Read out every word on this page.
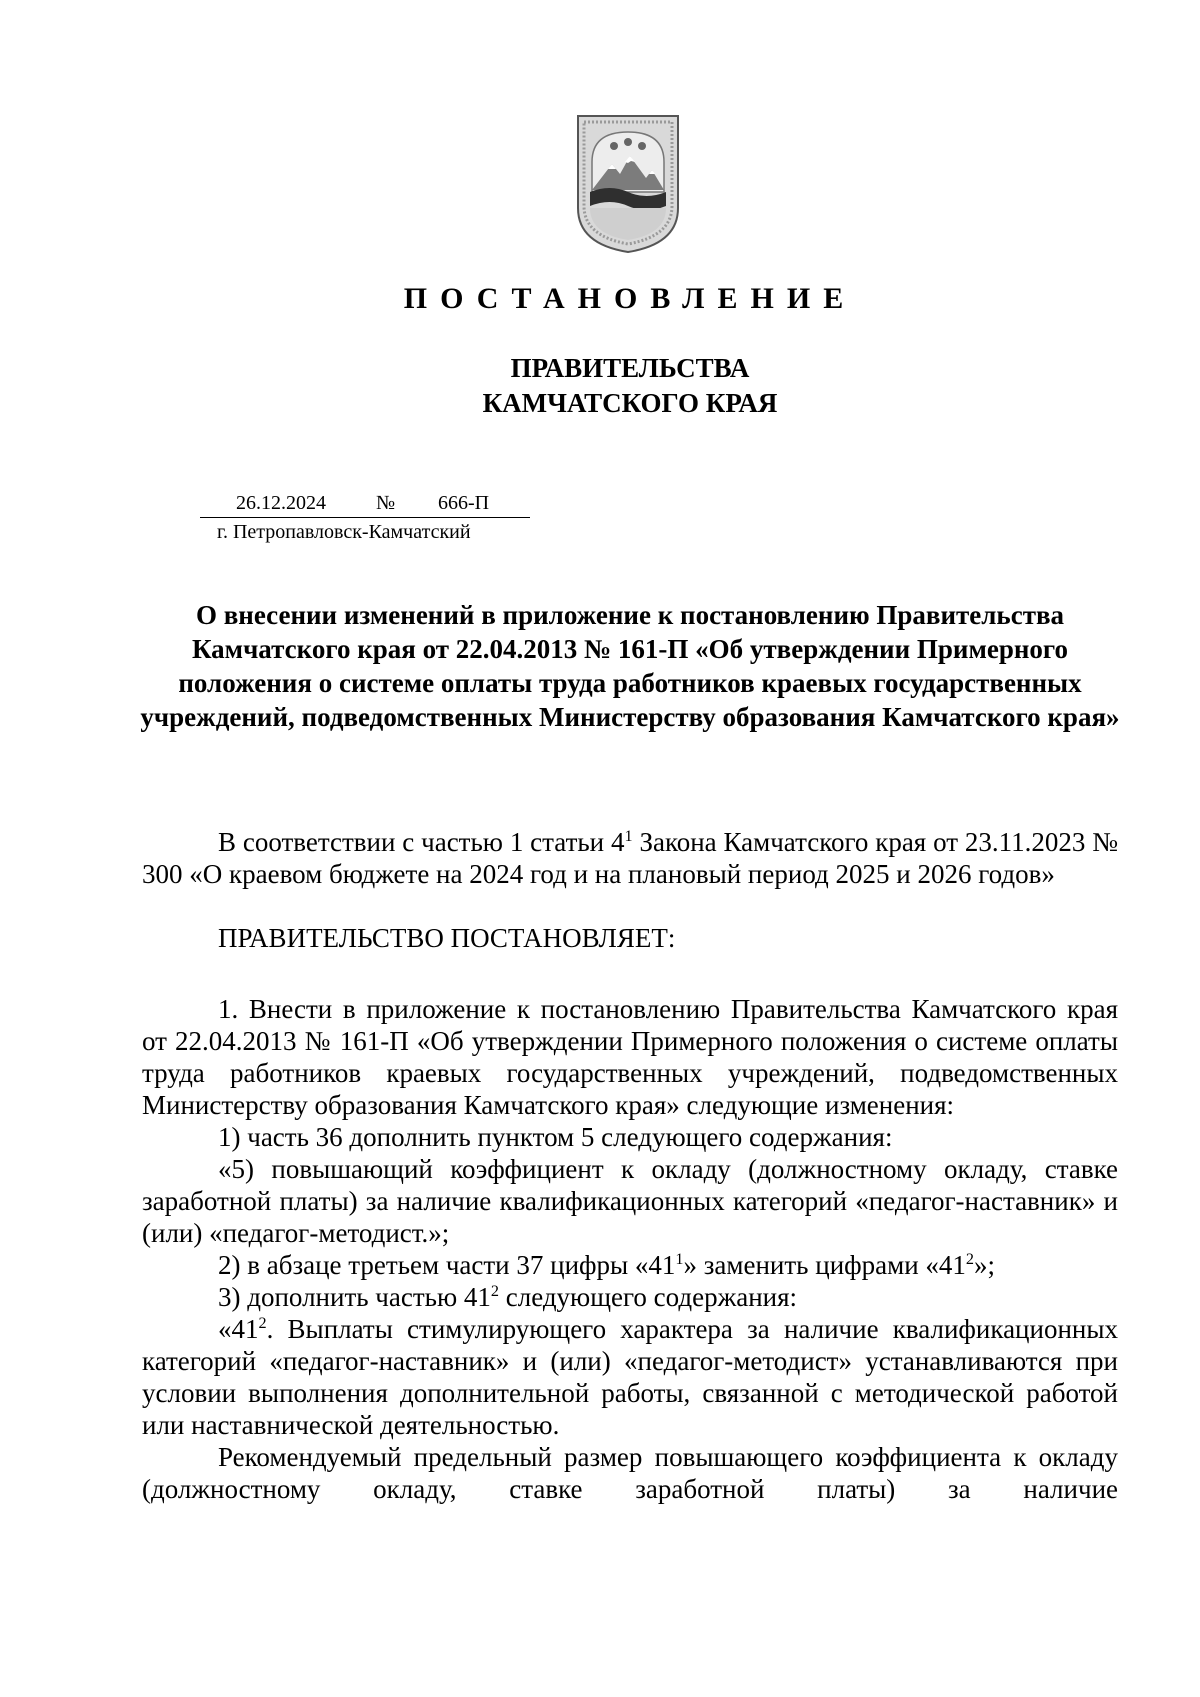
ПОСТАНОВЛЕНИЕ
ПРАВИТЕЛЬСТВА
КАМЧАТСКОГО КРАЯ
26.12.2024	№ 666-П
г. Петропавловск-Камчатский
О внесении изменений в приложение к постановлению Правительства Камчатского края от 22.04.2013 № 161-П «Об утверждении Примерного положения о системе оплаты труда работников краевых государственных учреждений, подведомственных Министерству образования Камчатского края»

В соответствии с частью 1 статьи $4^1$ Закона Камчатского края от 23.11.2023 № 300 «О краевом бюджете на 2024 год и на плановый период 2025 и 2026 годов»

ПРАВИТЕЛЬСТВО ПОСТАНОВЛЯЕТ:

1. Внести в приложение к постановлению Правительства Камчатского края от 22.04.2013 № 161-П «Об утверждении Примерного положения о системе оплаты труда работников краевых государственных учреждений, подведомственных Министерству образования Камчатского края» следующие изменения:

1) часть 36 дополнить пунктом 5 следующего содержания:

«5) повышающий коэффициент к окладу (должностному окладу, ставке заработной платы) за наличие квалификационных категорий «педагог-наставник» и (или) «педагог-методист.»;

2) в абзаце третьем части 37 цифры «$41^1$» заменить цифрами «$41^2$»;

3) дополнить частью $41^2$ следующего содержания:

«$41^2$. Выплаты стимулирующего характера за наличие квалификационных категорий «педагог-наставник» и (или) «педагог-методист» устанавливаются при условии выполнения дополнительной работы, связанной с методической работой или наставнической деятельностью.

Рекомендуемый предельный размер повышающего коэффициента к окладу (должностному окладу, ставке заработной платы) за наличие
